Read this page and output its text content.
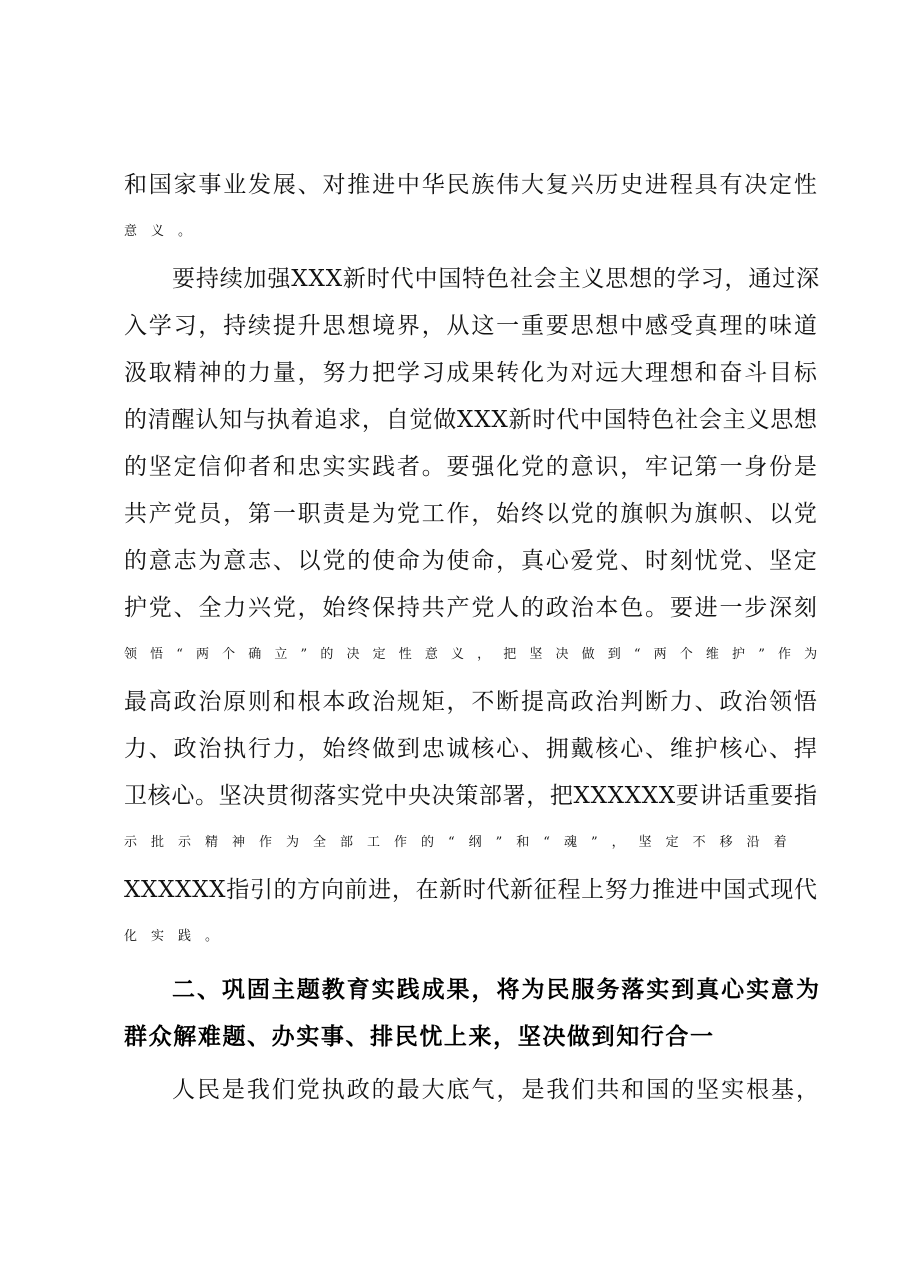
和国家事业发展、对推进中华民族伟大复兴历史进程具有决定性
意义。
要持续加强XXX新时代中国特色社会主义思想的学习，通过深
入学习，持续提升思想境界，从这一重要思想中感受真理的味道
汲取精神的力量，努力把学习成果转化为对远大理想和奋斗目标
的清醒认知与执着追求，自觉做XXX新时代中国特色社会主义思想
的坚定信仰者和忠实实践者。要强化党的意识，牢记第一身份是
共产党员，第一职责是为党工作，始终以党的旗帜为旗帜、以党
的意志为意志、以党的使命为使命，真心爱党、时刻忧党、坚定
护党、全力兴党，始终保持共产党人的政治本色。要进一步深刻
领悟“两个确立”的决定性意义，把坚决做到“两个维护”作为
最高政治原则和根本政治规矩，不断提高政治判断力、政治领悟
力、政治执行力，始终做到忠诚核心、拥戴核心、维护核心、捍
卫核心。坚决贯彻落实党中央决策部署，把XXXXXX要讲话重要指
示批示精神作为全部工作的“纲”和“魂”，坚定不移沿着
XXXXXX指引的方向前进，在新时代新征程上努力推进中国式现代
化实践。
二、巩固主题教育实践成果，将为民服务落实到真心实意为
群众解难题、办实事、排民忧上来，坚决做到知行合一
人民是我们党执政的最大底气，是我们共和国的坚实根基，
